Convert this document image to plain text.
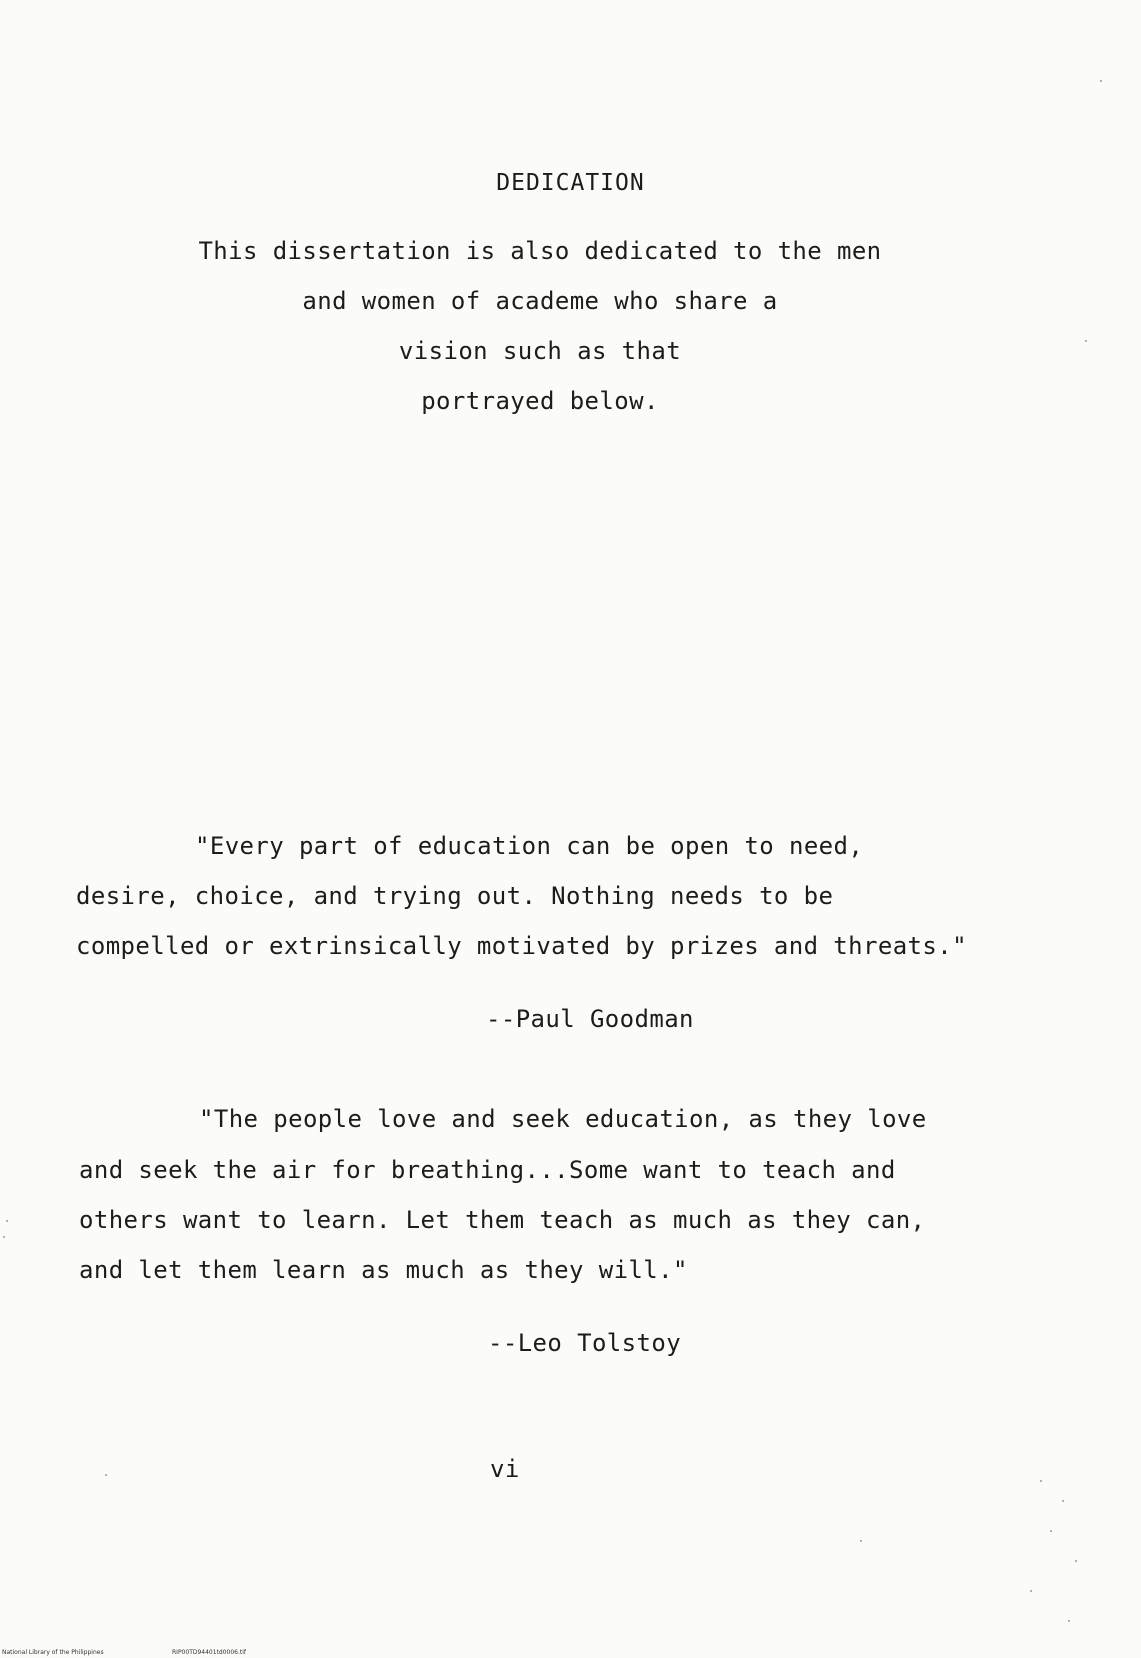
DEDICATION
This dissertation is also dedicated to the men
and women of academe who share a
vision such as that
portrayed below.
"Every part of education can be open to need,
desire, choice, and trying out. Nothing needs to be
compelled or extrinsically motivated by prizes and threats."
--Paul Goodman
"The people love and seek education, as they love
and seek the air for breathing...Some want to teach and
others want to learn. Let them teach as much as they can,
and let them learn as much as they will."
--Leo Tolstoy
vi
National Library of the Philippines	RIP00TD94401td0006.tif
